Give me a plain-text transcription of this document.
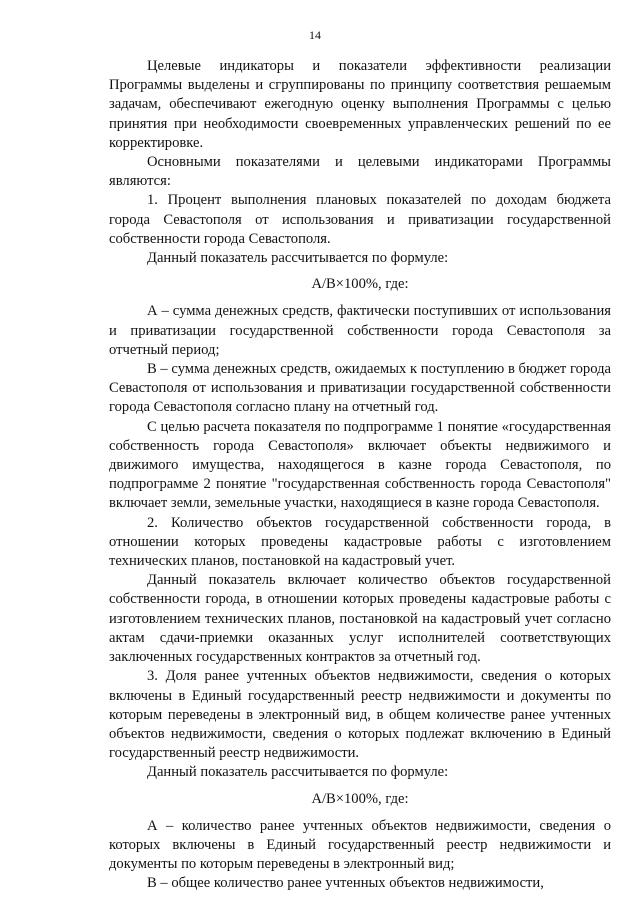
14

Целевые индикаторы и показатели эффективности реализации Программы выделены и сгруппированы по принципу соответствия решаемым задачам, обеспечивают ежегодную оценку выполнения Программы с целью принятия при необходимости своевременных управленческих решений по ее корректировке.

Основными показателями и целевыми индикаторами Программы являются:

1. Процент выполнения плановых показателей по доходам бюджета города Севастополя от использования и приватизации государственной собственности города Севастополя.

Данный показатель рассчитывается по формуле:

А/В×100%, где:

А – сумма денежных средств, фактически поступивших от использования и приватизации государственной собственности города Севастополя за отчетный период;

В – сумма денежных средств, ожидаемых к поступлению в бюджет города Севастополя от использования и приватизации государственной собственности города Севастополя согласно плану на отчетный год.

С целью расчета показателя по подпрограмме 1 понятие «государственная собственность города Севастополя» включает объекты недвижимого и движимого имущества, находящегося в казне города Севастополя, по подпрограмме 2 понятие "государственная собственность города Севастополя" включает земли, земельные участки, находящиеся в казне города Севастополя.

2. Количество объектов государственной собственности города, в отношении которых проведены кадастровые работы с изготовлением технических планов, постановкой на кадастровый учет.

Данный показатель включает количество объектов государственной собственности города, в отношении которых проведены кадастровые работы с изготовлением технических планов, постановкой на кадастровый учет согласно актам сдачи-приемки оказанных услуг исполнителей соответствующих заключенных государственных контрактов за отчетный год.

3. Доля ранее учтенных объектов недвижимости, сведения о которых включены в Единый государственный реестр недвижимости и документы по которым переведены в электронный вид, в общем количестве ранее учтенных объектов недвижимости, сведения о которых подлежат включению в Единый государственный реестр недвижимости.

Данный показатель рассчитывается по формуле:

А/В×100%, где:

А – количество ранее учтенных объектов недвижимости, сведения о которых включены в Единый государственный реестр недвижимости и документы по которым переведены в электронный вид;

В – общее количество ранее учтенных объектов недвижимости,
